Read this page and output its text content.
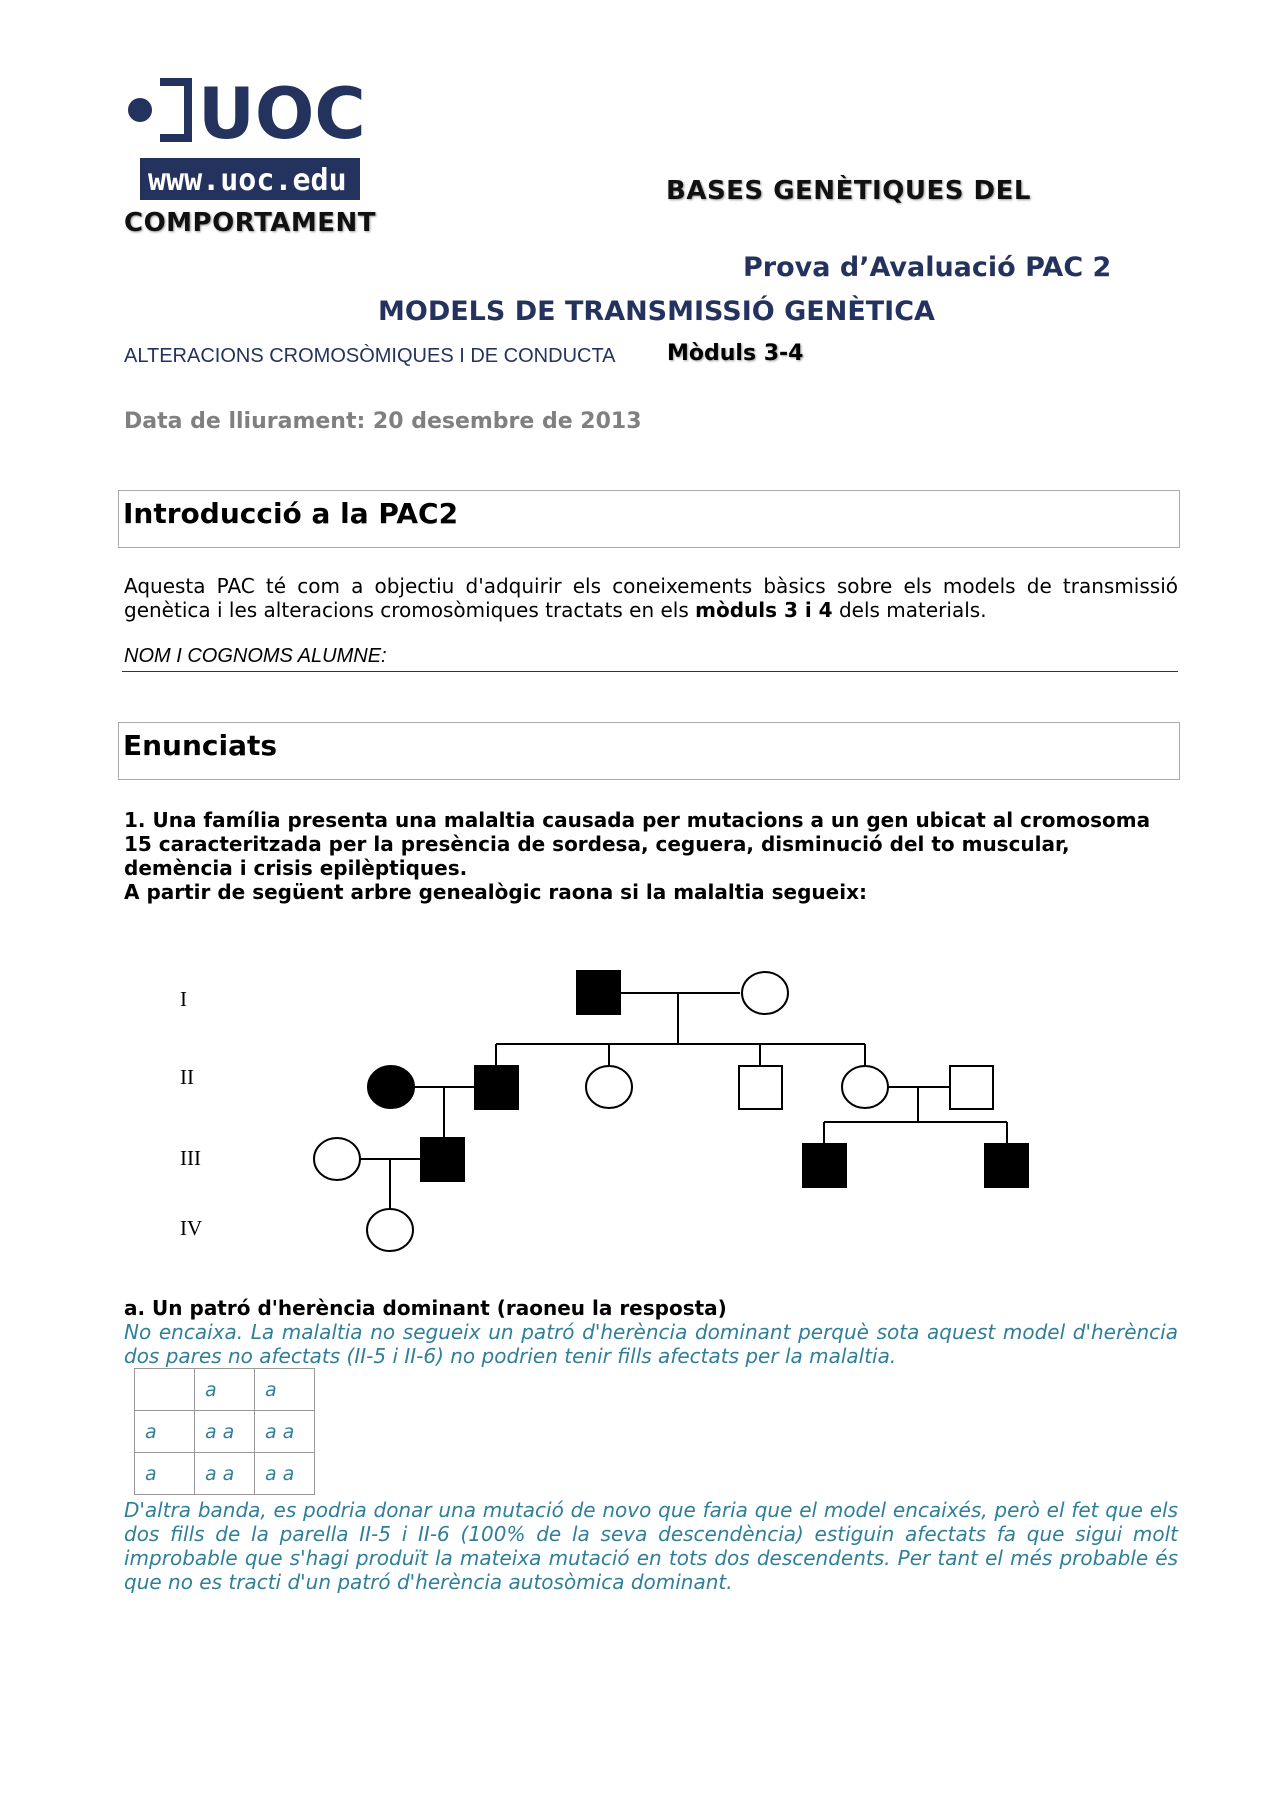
UOC
www.uoc.edu	BASES GENÈTIQUES DEL
COMPORTAMENT
Prova d’Avaluació PAC 2
MODELS DE TRANSMISSIÓ GENÈTICA
ALTERACIONS CROMOSÒMIQUES I DE CONDUCTA Mòduls 3-4
Data de lliurament: 20 desembre de 2013
Introducció a la PAC2
Aquesta PAC té com a objectiu d'adquirir els coneixements bàsics sobre els models de transmissió genètica i les alteracions cromosòmiques tractats en els mòduls 3 i 4 dels materials.
NOM I COGNOMS ALUMNE:
Enunciats
1. Una família presenta una malaltia causada per mutacions a un gen ubicat al cromosoma 15 caracteritzada per la presència de sordesa, ceguera, disminució del to muscular, demència i crisis epilèptiques.
A partir de següent arbre genealògic raona si la malaltia segueix:
I
II
III
IV
a. Un patró d'herència dominant (raoneu la resposta)
No encaixa. La malaltia no segueix un patró d'herència dominant perquè sota aquest model d'herència dos pares no afectats (II-5 i II-6) no podrien tenir fills afectats per la malaltia.
	a	a
a	a a	a a
a	a a	a a
D'altra banda, es podria donar una mutació de novo que faria que el model encaixés, però el fet que els dos fills de la parella II-5 i II-6 (100% de la seva descendència) estiguin afectats fa que sigui molt improbable que s'hagi produït la mateixa mutació en tots dos descendents. Per tant el més probable és que no es tracti d'un patró d'herència autosòmica dominant.
